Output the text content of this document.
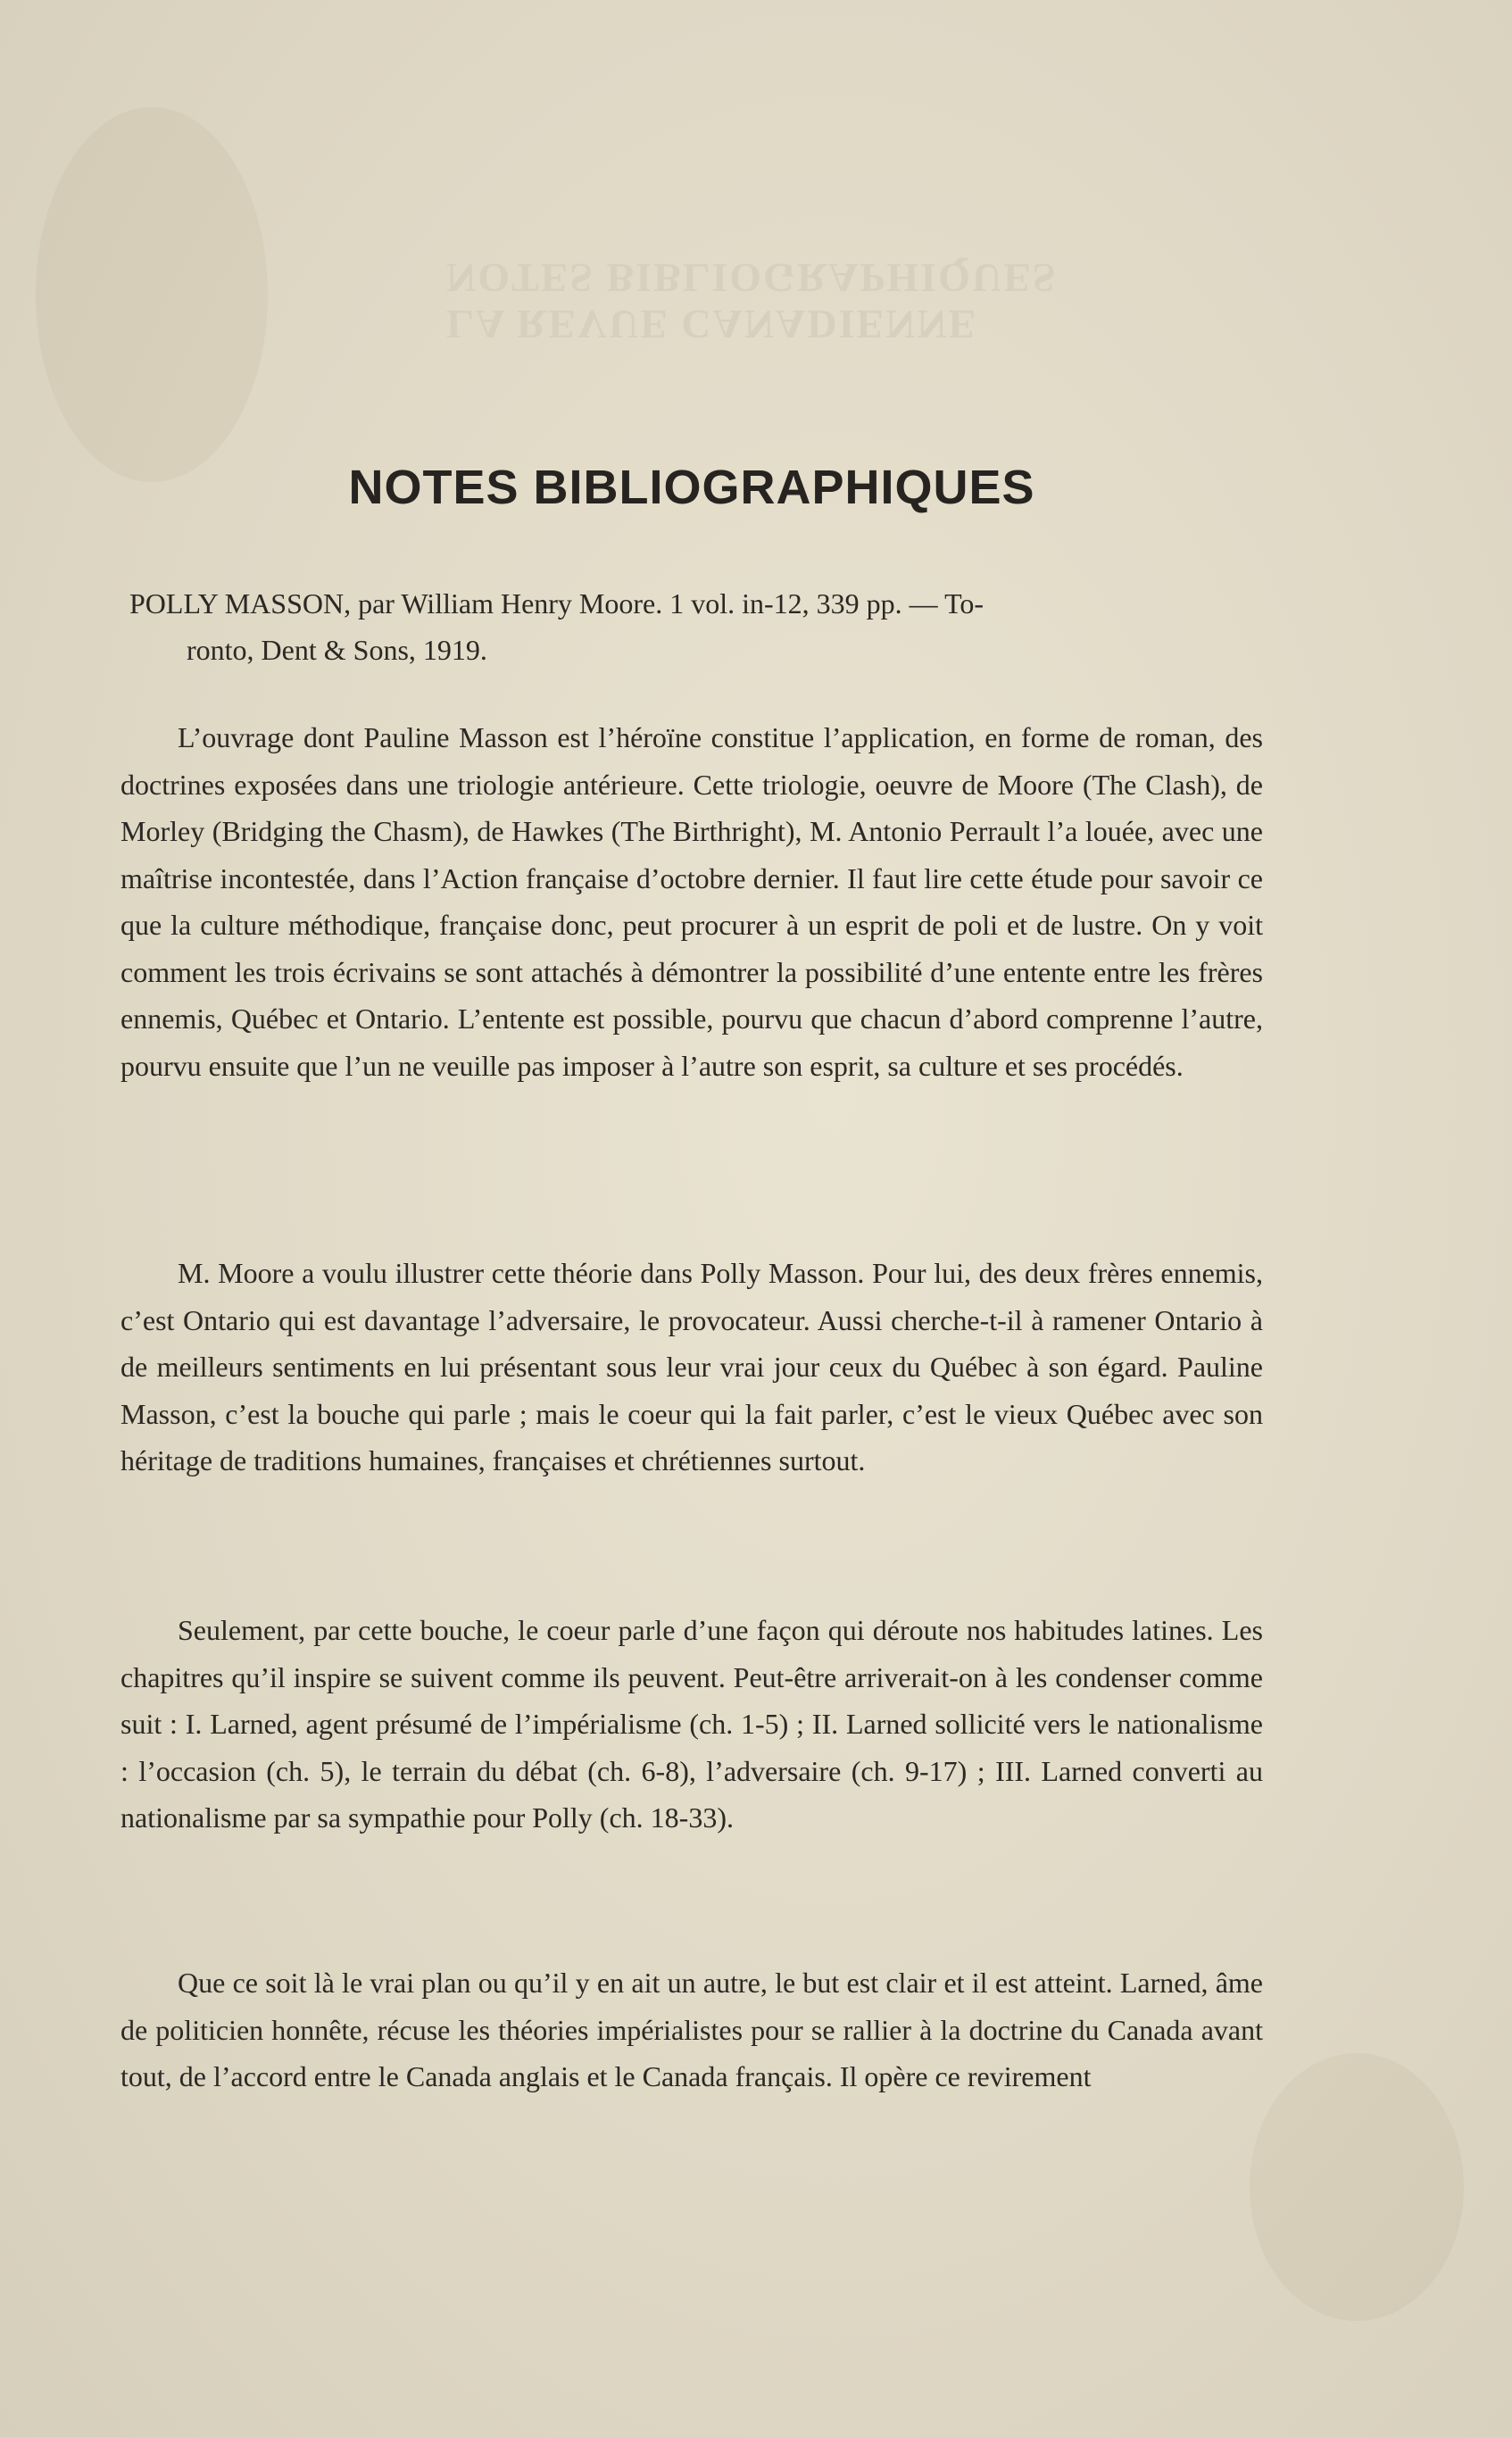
LA REVUE CANADIENNE
NOTES BIBLIOGRAPHIQUES
NOTES BIBLIOGRAPHIQUES
POLLY MASSON, par William Henry Moore. 1 vol. in-12, 339 pp. — To-
ronto, Dent & Sons, 1919.

L’ouvrage dont Pauline Masson est l’héroïne constitue l’application, en forme de roman, des doctrines exposées dans une triologie antérieure. Cette triologie, oeuvre de Moore (The Clash), de Morley (Bridging the Chasm), de Hawkes (The Birthright), M. Antonio Perrault l’a louée, avec une maîtrise incontestée, dans l’Action française d’octobre dernier. Il faut lire cette étude pour savoir ce que la culture méthodique, française donc, peut procurer à un esprit de poli et de lustre. On y voit comment les trois écrivains se sont attachés à démontrer la possibilité d’une entente entre les frères ennemis, Québec et Ontario. L’entente est possible, pourvu que chacun d’abord comprenne l’autre, pourvu ensuite que l’un ne veuille pas imposer à l’autre son esprit, sa culture et ses procédés.

M. Moore a voulu illustrer cette théorie dans Polly Masson. Pour lui, des deux frères ennemis, c’est Ontario qui est davantage l’adversaire, le provocateur. Aussi cherche-t-il à ramener Ontario à de meilleurs sentiments en lui présentant sous leur vrai jour ceux du Québec à son égard. Pauline Masson, c’est la bouche qui parle ; mais le coeur qui la fait parler, c’est le vieux Québec avec son héritage de traditions humaines, françaises et chrétiennes surtout.

Seulement, par cette bouche, le coeur parle d’une façon qui déroute nos habitudes latines. Les chapitres qu’il inspire se suivent comme ils peuvent. Peut-être arriverait-on à les condenser comme suit : I. Larned, agent présumé de l’impérialisme (ch. 1-5) ; II. Larned sollicité vers le nationalisme : l’occasion (ch. 5), le terrain du débat (ch. 6-8), l’adversaire (ch. 9-17) ; III. Larned converti au nationalisme par sa sympathie pour Polly (ch. 18-33).

Que ce soit là le vrai plan ou qu’il y en ait un autre, le but est clair et il est atteint. Larned, âme de politicien honnête, récuse les théories impérialistes pour se rallier à la doctrine du Canada avant tout, de l’accord entre le Canada anglais et le Canada français. Il opère ce revirement
